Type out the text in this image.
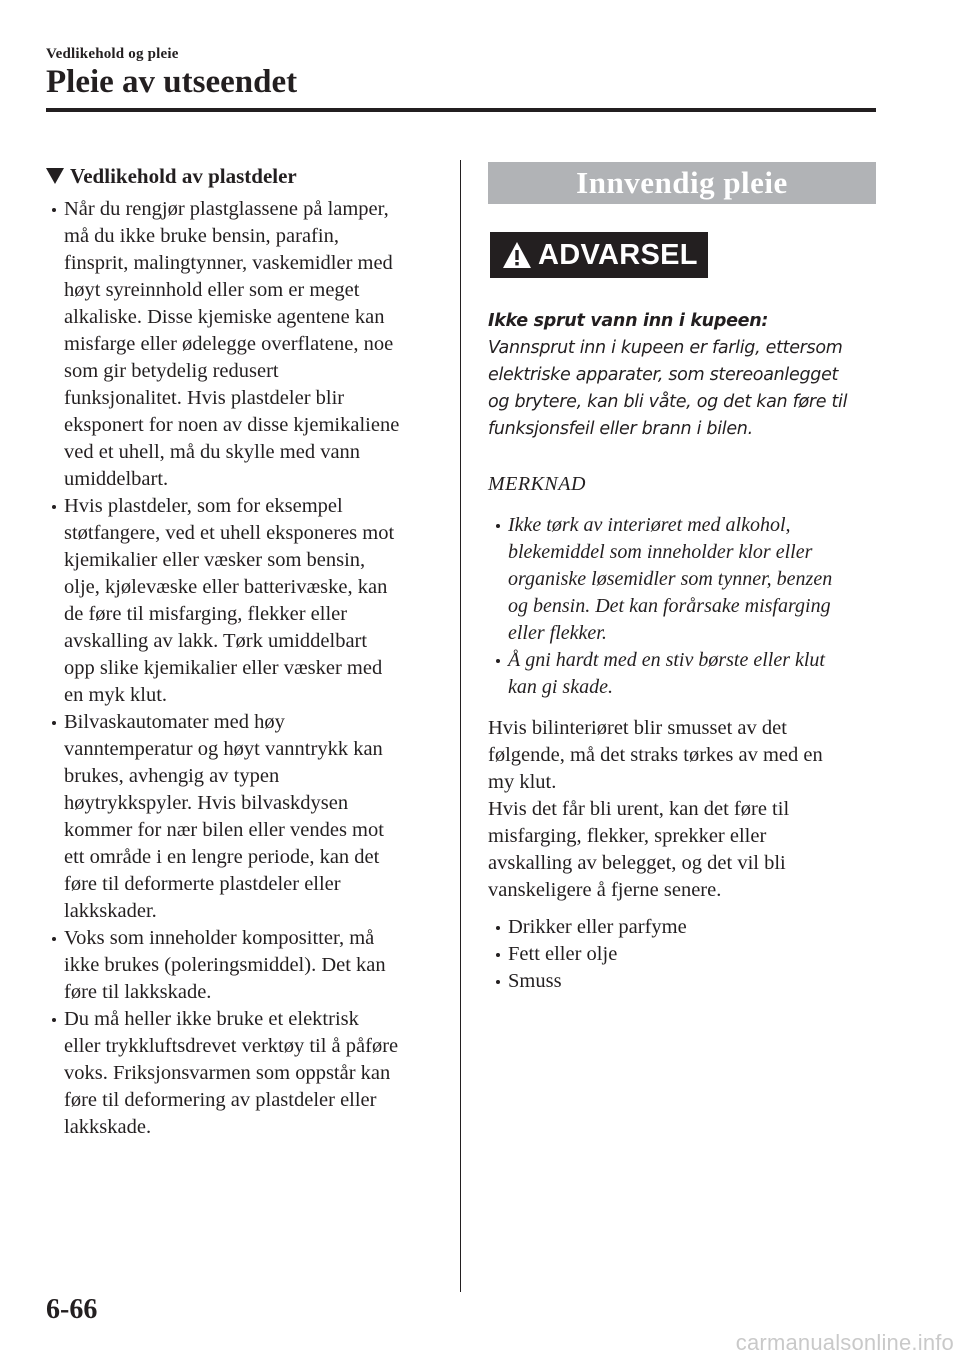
Vedlikehold og pleie
Pleie av utseendet
Vedlikehold av plastdeler
Når du rengjør plastglassene på lamper,
må du ikke bruke bensin, parafin,
finsprit, malingtynner, vaskemidler med
høyt syreinnhold eller som er meget
alkaliske. Disse kjemiske agentene kan
misfarge eller ødelegge overflatene, noe
som gir betydelig redusert
funksjonalitet. Hvis plastdeler blir
eksponert for noen av disse kjemikaliene
ved et uhell, må du skylle med vann
umiddelbart.
Hvis plastdeler, som for eksempel
støtfangere, ved et uhell eksponeres mot
kjemikalier eller væsker som bensin,
olje, kjølevæske eller batterivæske, kan
de føre til misfarging, flekker eller
avskalling av lakk. Tørk umiddelbart
opp slike kjemikalier eller væsker med
en myk klut.
Bilvaskautomater med høy
vanntemperatur og høyt vanntrykk kan
brukes, avhengig av typen
høytrykkspyler. Hvis bilvaskdysen
kommer for nær bilen eller vendes mot
ett område i en lengre periode, kan det
føre til deformerte plastdeler eller
lakkskader.
Voks som inneholder kompositter, må
ikke brukes (poleringsmiddel). Det kan
føre til lakkskade.
Du må heller ikke bruke et elektrisk
eller trykkluftsdrevet verktøy til å påføre
voks. Friksjonsvarmen som oppstår kan
føre til deformering av plastdeler eller
lakkskade.
Innvendig pleie
ADVARSEL
Ikke sprut vann inn i kupeen:
Vannsprut inn i kupeen er farlig, ettersom
elektriske apparater, som stereoanlegget
og brytere, kan bli våte, og det kan føre til
funksjonsfeil eller brann i bilen.
MERKNAD
Ikke tørk av interiøret med alkohol,
blekemiddel som inneholder klor eller
organiske løsemidler som tynner, benzen
og bensin. Det kan forårsake misfarging
eller flekker.
Å gni hardt med en stiv børste eller klut
kan gi skade.
Hvis bilinteriøret blir smusset av det
følgende, må det straks tørkes av med en
my klut.
Hvis det får bli urent, kan det føre til
misfarging, flekker, sprekker eller
avskalling av belegget, og det vil bli
vanskeligere å fjerne senere.
Drikker eller parfyme
Fett eller olje
Smuss
6-66
carmanualsonline.info
